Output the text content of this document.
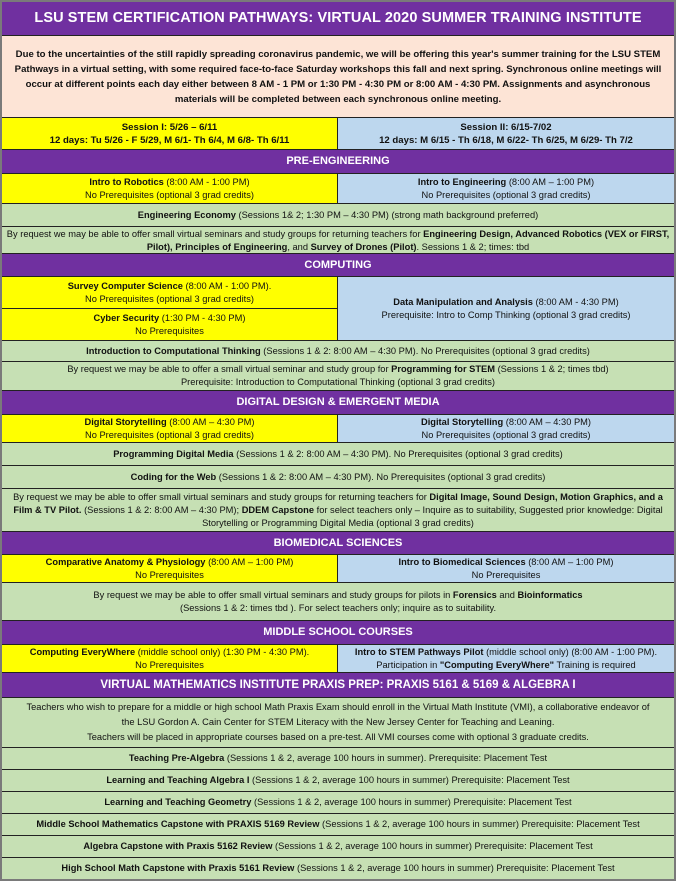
LSU STEM CERTIFICATION PATHWAYS: VIRTUAL 2020 SUMMER TRAINING INSTITUTE
Due to the uncertainties of the still rapidly spreading coronavirus pandemic, we will be offering this year's summer training for the LSU STEM Pathways in a virtual setting, with some required face-to-face Saturday workshops this fall and next spring. Synchronous online meetings will occur at different points each day either between 8 AM - 1 PM or 1:30 PM - 4:30 PM or 8:00 AM - 4:30 PM. Assignments and asynchronous materials will be completed between each synchronous online meeting.
Session I: 5/26 – 6/11
12 days: Tu 5/26 - F 5/29, M 6/1- Th 6/4, M 6/8- Th 6/11
Session II: 6/15-7/02
12 days: M 6/15 - Th 6/18, M 6/22- Th 6/25, M 6/29- Th 7/2
PRE-ENGINEERING
Intro to Robotics (8:00 AM - 1:00 PM)
No Prerequisites (optional 3 grad credits)
Intro to Engineering (8:00 AM – 1:00 PM)
No Prerequisites (optional 3 grad credits)
Engineering Economy (Sessions 1& 2; 1:30 PM – 4:30 PM) (strong math background preferred)
By request we may be able to offer small virtual seminars and study groups for returning teachers for Engineering Design, Advanced Robotics (VEX or FIRST, Pilot), Principles of Engineering, and Survey of Drones (Pilot). Sessions 1 & 2; times: tbd
COMPUTING
Survey Computer Science (8:00 AM - 1:00 PM).
No Prerequisites (optional 3 grad credits)
Cyber Security (1:30 PM - 4:30 PM)
No Prerequisites
Data Manipulation and Analysis (8:00 AM - 4:30 PM)
Prerequisite: Intro to Comp Thinking (optional 3 grad credits)
Introduction to Computational Thinking (Sessions 1 & 2: 8:00 AM – 4:30 PM). No Prerequisites (optional 3 grad credits)
By request we may be able to offer a small virtual seminar and study group for Programming for STEM (Sessions 1 & 2; times tbd)
Prerequisite: Introduction to Computational Thinking (optional 3 grad credits)
DIGITAL DESIGN & EMERGENT MEDIA
Digital Storytelling (8:00 AM – 4:30 PM)
No Prerequisites (optional 3 grad credits)
Digital Storytelling (8:00 AM – 4:30 PM)
No Prerequisites (optional 3 grad credits)
Programming Digital Media (Sessions 1 & 2: 8:00 AM – 4:30 PM). No Prerequisites (optional 3 grad credits)
Coding for the Web (Sessions 1 & 2: 8:00 AM – 4:30 PM). No Prerequisites (optional 3 grad credits)
By request we may be able to offer small virtual seminars and study groups for returning teachers for Digital Image, Sound Design, Motion Graphics, and a Film & TV Pilot. (Sessions 1 & 2: 8:00 AM – 4:30 PM); DDEM Capstone for select teachers only – Inquire as to suitability, Suggested prior knowledge: Digital Storytelling or Programming Digital Media (optional 3 grad credits)
BIOMEDICAL SCIENCES
Comparative Anatomy & Physiology (8:00 AM – 1:00 PM)
No Prerequisites
Intro to Biomedical Sciences (8:00 AM – 1:00 PM)
No Prerequisites
By request we may be able to offer small virtual seminars and study groups for pilots in Forensics and Bioinformatics
(Sessions 1 & 2: times tbd ). For select teachers only; inquire as to suitability.
MIDDLE SCHOOL COURSES
Computing EveryWhere (middle school only) (1:30 PM - 4:30 PM).
No Prerequisites
Intro to STEM Pathways Pilot (middle school only) (8:00 AM - 1:00 PM).
Participation in "Computing EveryWhere" Training is required
VIRTUAL MATHEMATICS INSTITUTE PRAXIS PREP: PRAXIS 5161 & 5169 & ALGEBRA I
Teachers who wish to prepare for a middle or high school Math Praxis Exam should enroll in the Virtual Math Institute (VMI), a collaborative endeavor of
the LSU Gordon A. Cain Center for STEM Literacy with the New Jersey Center for Teaching and Leaning.
Teachers will be placed in appropriate courses based on a pre-test. All VMI courses come with optional 3 graduate credits.
Teaching Pre-Algebra (Sessions 1 & 2, average 100 hours in summer). Prerequisite: Placement Test
Learning and Teaching Algebra I (Sessions 1 & 2, average 100 hours in summer) Prerequisite: Placement Test
Learning and Teaching Geometry (Sessions 1 & 2, average 100 hours in summer) Prerequisite: Placement Test
Middle School Mathematics Capstone with PRAXIS 5169 Review (Sessions 1 & 2, average 100 hours in summer) Prerequisite: Placement Test
Algebra Capstone with Praxis 5162 Review (Sessions 1 & 2, average 100 hours in summer) Prerequisite: Placement Test
High School Math Capstone with Praxis 5161 Review (Sessions 1 & 2, average 100 hours in summer) Prerequisite: Placement Test
